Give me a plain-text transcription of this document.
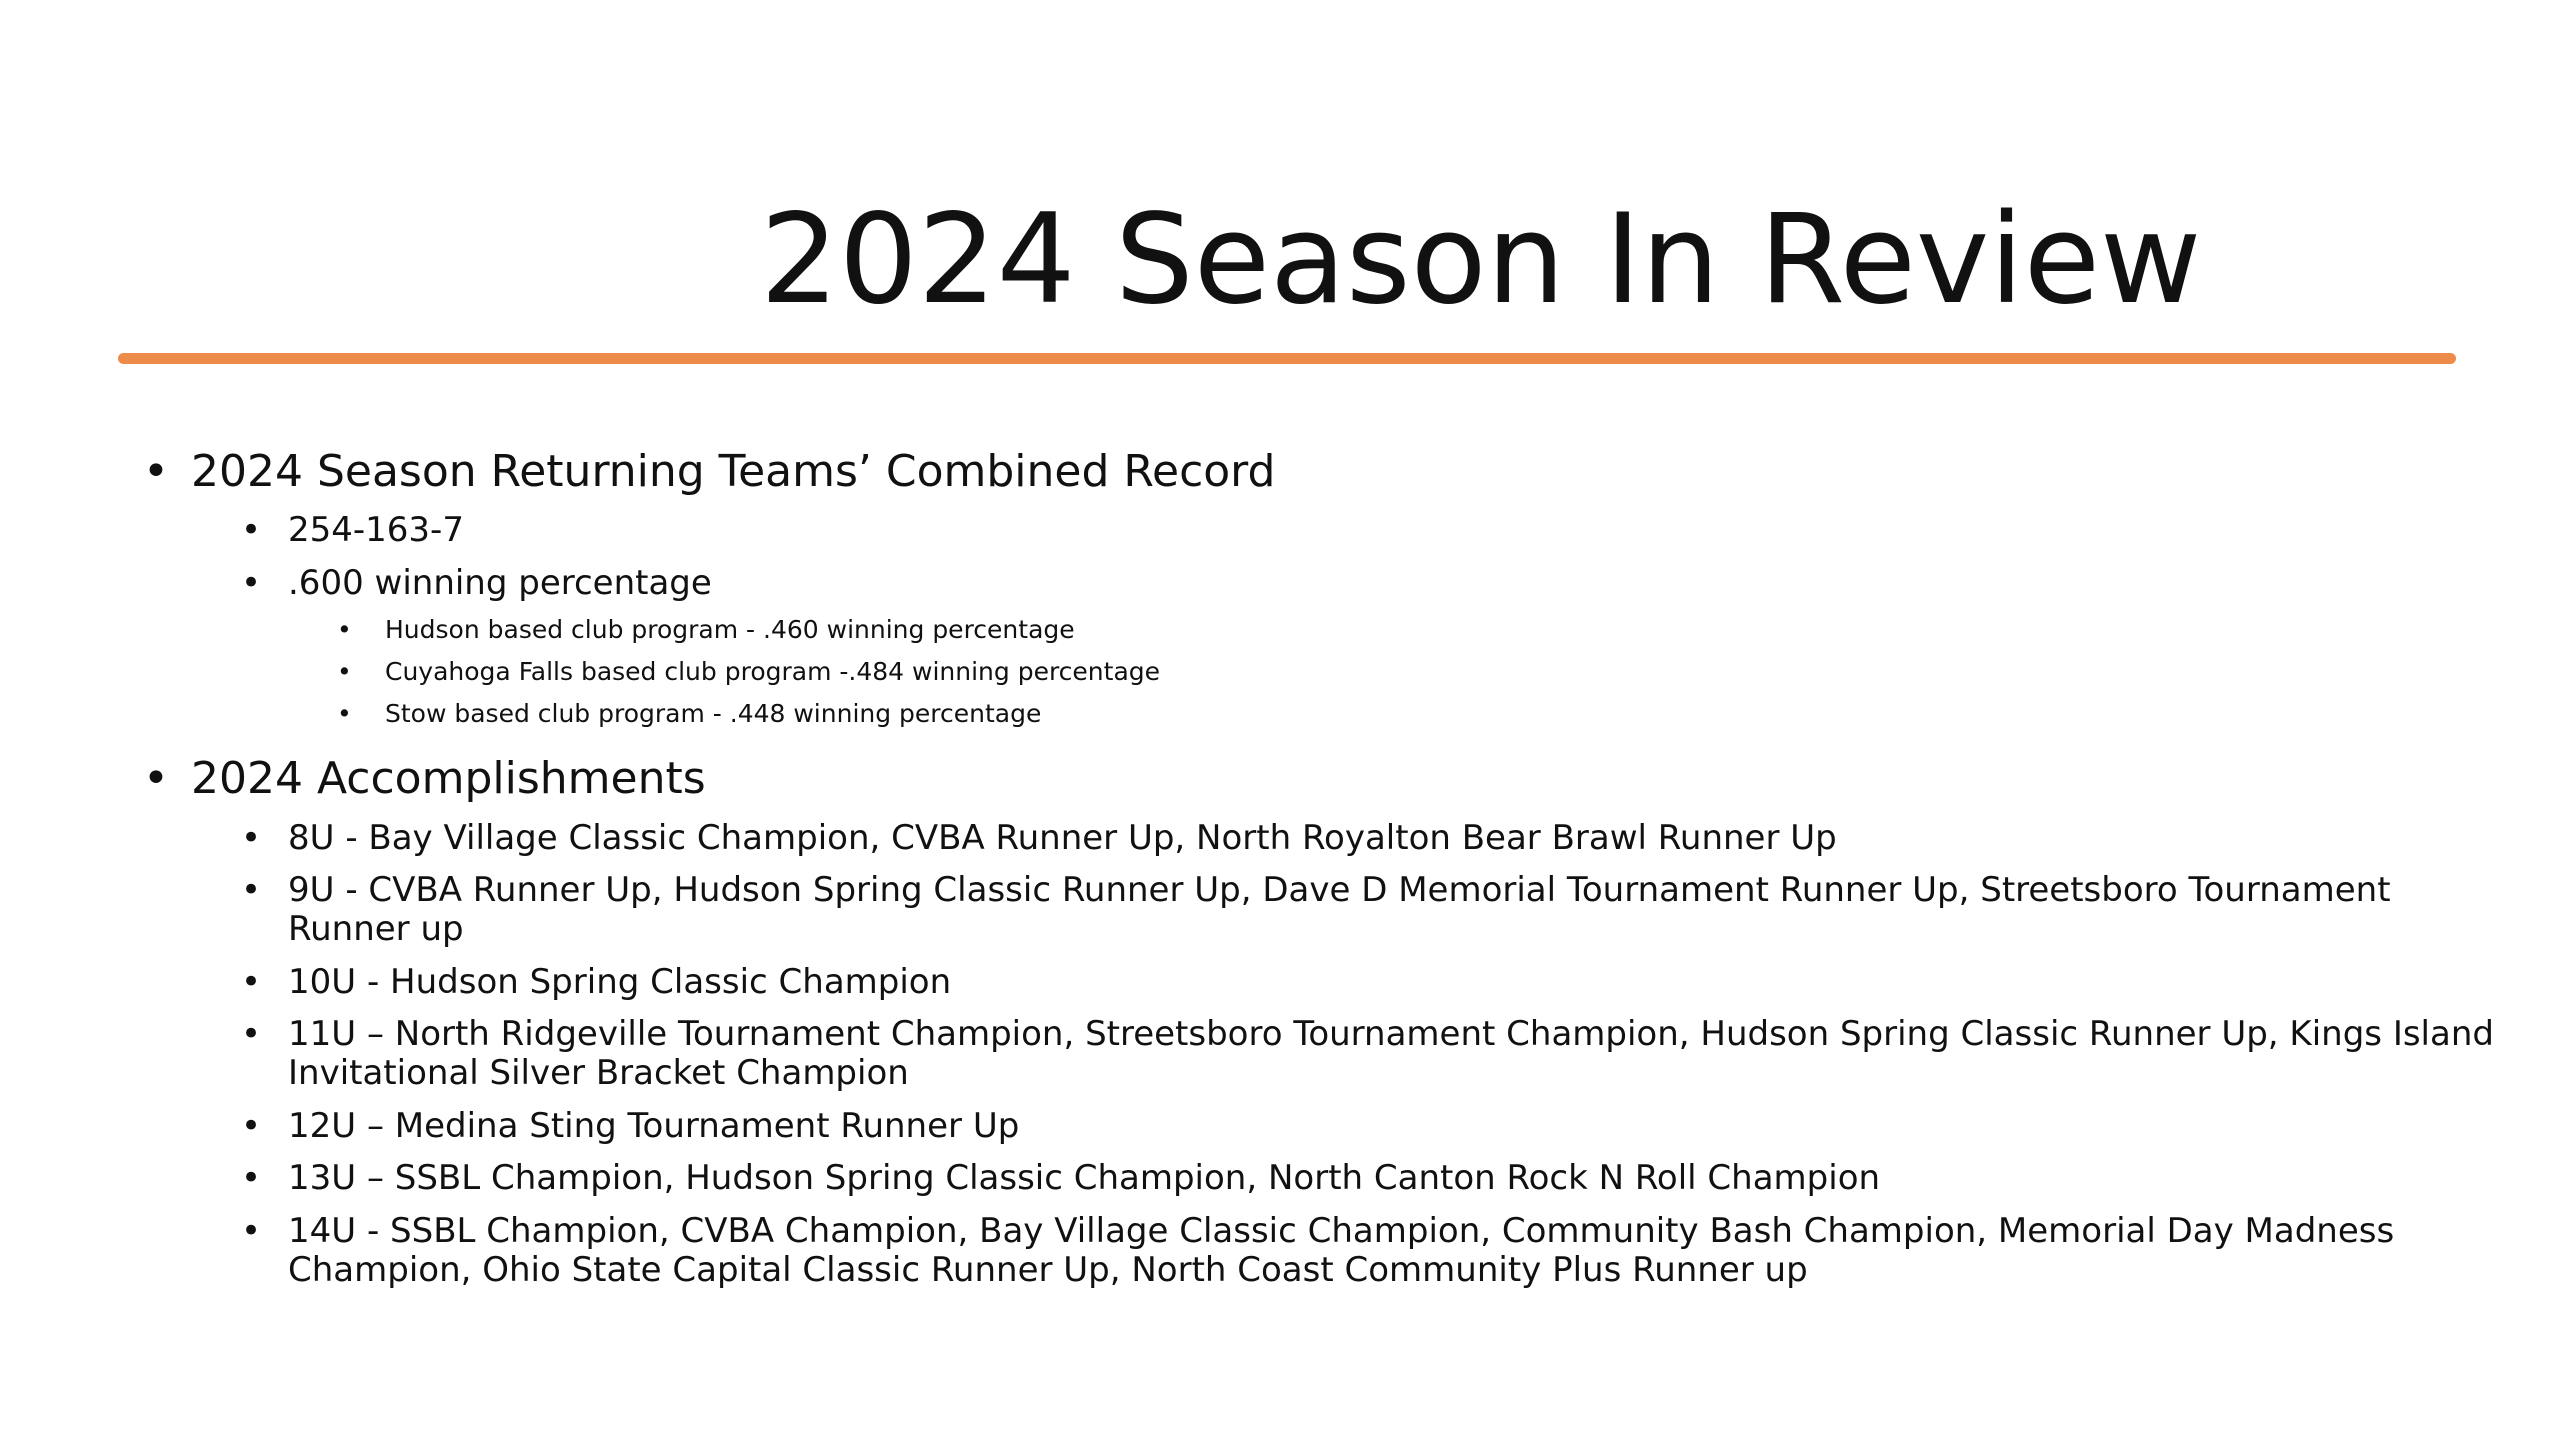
2024 Season In Review
• 2024 Season Returning Teams’ Combined Record
• 254-163-7
• .600 winning percentage
• Hudson based club program - .460 winning percentage
• Cuyahoga Falls based club program -.484 winning percentage
• Stow based club program - .448 winning percentage
• 2024 Accomplishments
• 8U - Bay Village Classic Champion, CVBA Runner Up, North Royalton Bear Brawl Runner Up
• 9U - CVBA Runner Up, Hudson Spring Classic Runner Up, Dave D Memorial Tournament Runner Up, Streetsboro Tournament
Runner up
• 10U - Hudson Spring Classic Champion
• 11U – North Ridgeville Tournament Champion, Streetsboro Tournament Champion, Hudson Spring Classic Runner Up, Kings Island
Invitational Silver Bracket Champion
• 12U – Medina Sting Tournament Runner Up
• 13U – SSBL Champion, Hudson Spring Classic Champion, North Canton Rock N Roll Champion
• 14U - SSBL Champion, CVBA Champion, Bay Village Classic Champion, Community Bash Champion, Memorial Day Madness
Champion, Ohio State Capital Classic Runner Up, North Coast Community Plus Runner up
